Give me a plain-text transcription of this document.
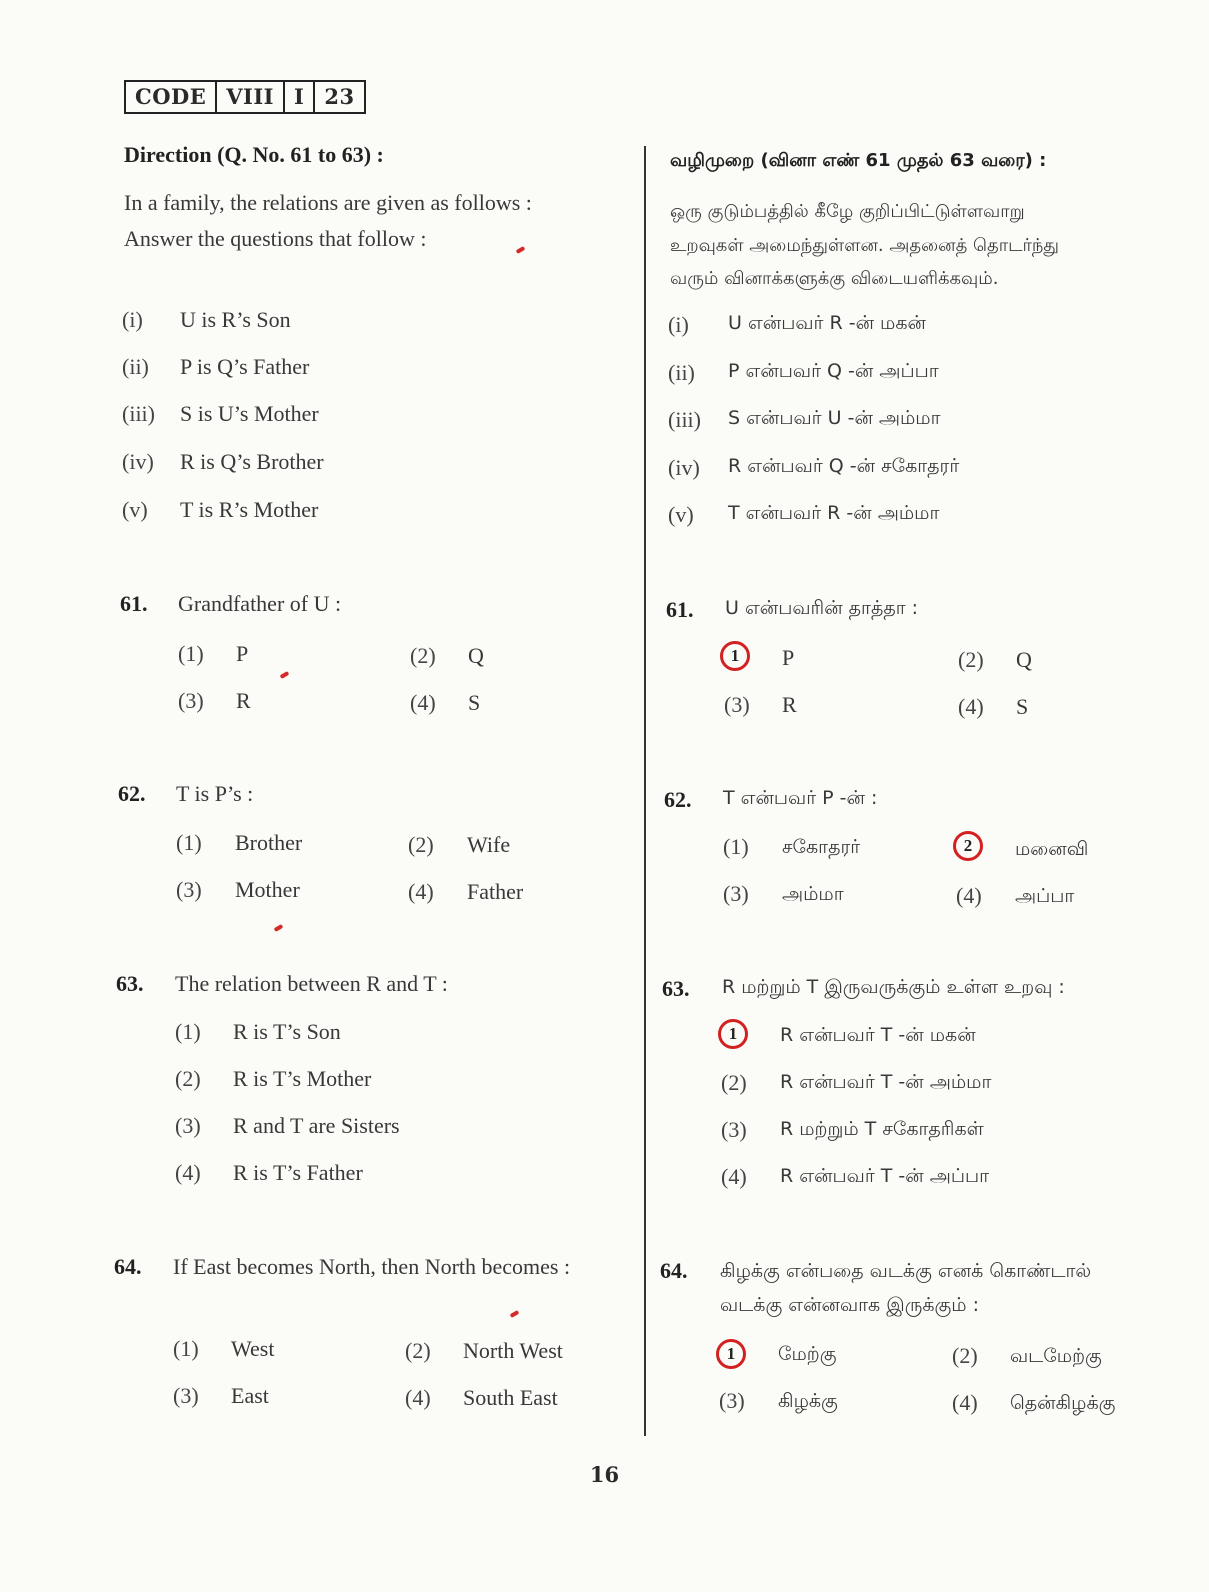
CODE VIII I 23
Direction (Q. No. 61 to 63) :
In a family, the relations are given as follows :
Answer the questions that follow :
(i) U is R’s Son
(ii) P is Q’s Father
(iii) S is U’s Mother
(iv) R is Q’s Brother
(v) T is R’s Mother
61. Grandfather of U :
(1) P	(2) Q
(3) R	(4) S
62. T is P’s :
(1) Brother	(2) Wife
(3) Mother	(4) Father
63. The relation between R and T :
(1) R is T’s Son
(2) R is T’s Mother
(3) R and T are Sisters
(4) R is T’s Father
64. If East becomes North, then North becomes :
(1) West	(2) North West
(3) East	(4) South East
வழிமுறை (வினா எண் 61 முதல் 63 வரை) :
ஒரு குடும்பத்தில் கீழே குறிப்பிட்டுள்ளவாறு
உறவுகள் அமைந்துள்ளன. அதனைத் தொடர்ந்து
வரும் வினாக்களுக்கு விடையளிக்கவும்.
(i) U என்பவர் R -ன் மகன்
(ii) P என்பவர் Q -ன் அப்பா
(iii) S என்பவர் U -ன் அம்மா
(iv) R என்பவர் Q -ன் சகோதரர்
(v) T என்பவர் R -ன் அம்மா
61. U என்பவரின் தாத்தா :
1	P	(2) Q
(3) R	(4) S
62. T என்பவர் P -ன் :
(1) சகோதரர்	2	மனைவி
(3) அம்மா	(4) அப்பா
63. R மற்றும் T இருவருக்கும் உள்ள உறவு :
1	R என்பவர் T -ன் மகன்
(2) R என்பவர் T -ன் அம்மா
(3) R மற்றும் T சகோதரிகள்
(4) R என்பவர் T -ன் அப்பா
64. கிழக்கு என்பதை வடக்கு எனக் கொண்டால்
வடக்கு என்னவாக இருக்கும் :
1	மேற்கு	(2) வடமேற்கு
(3) கிழக்கு	(4) தென்கிழக்கு
16
